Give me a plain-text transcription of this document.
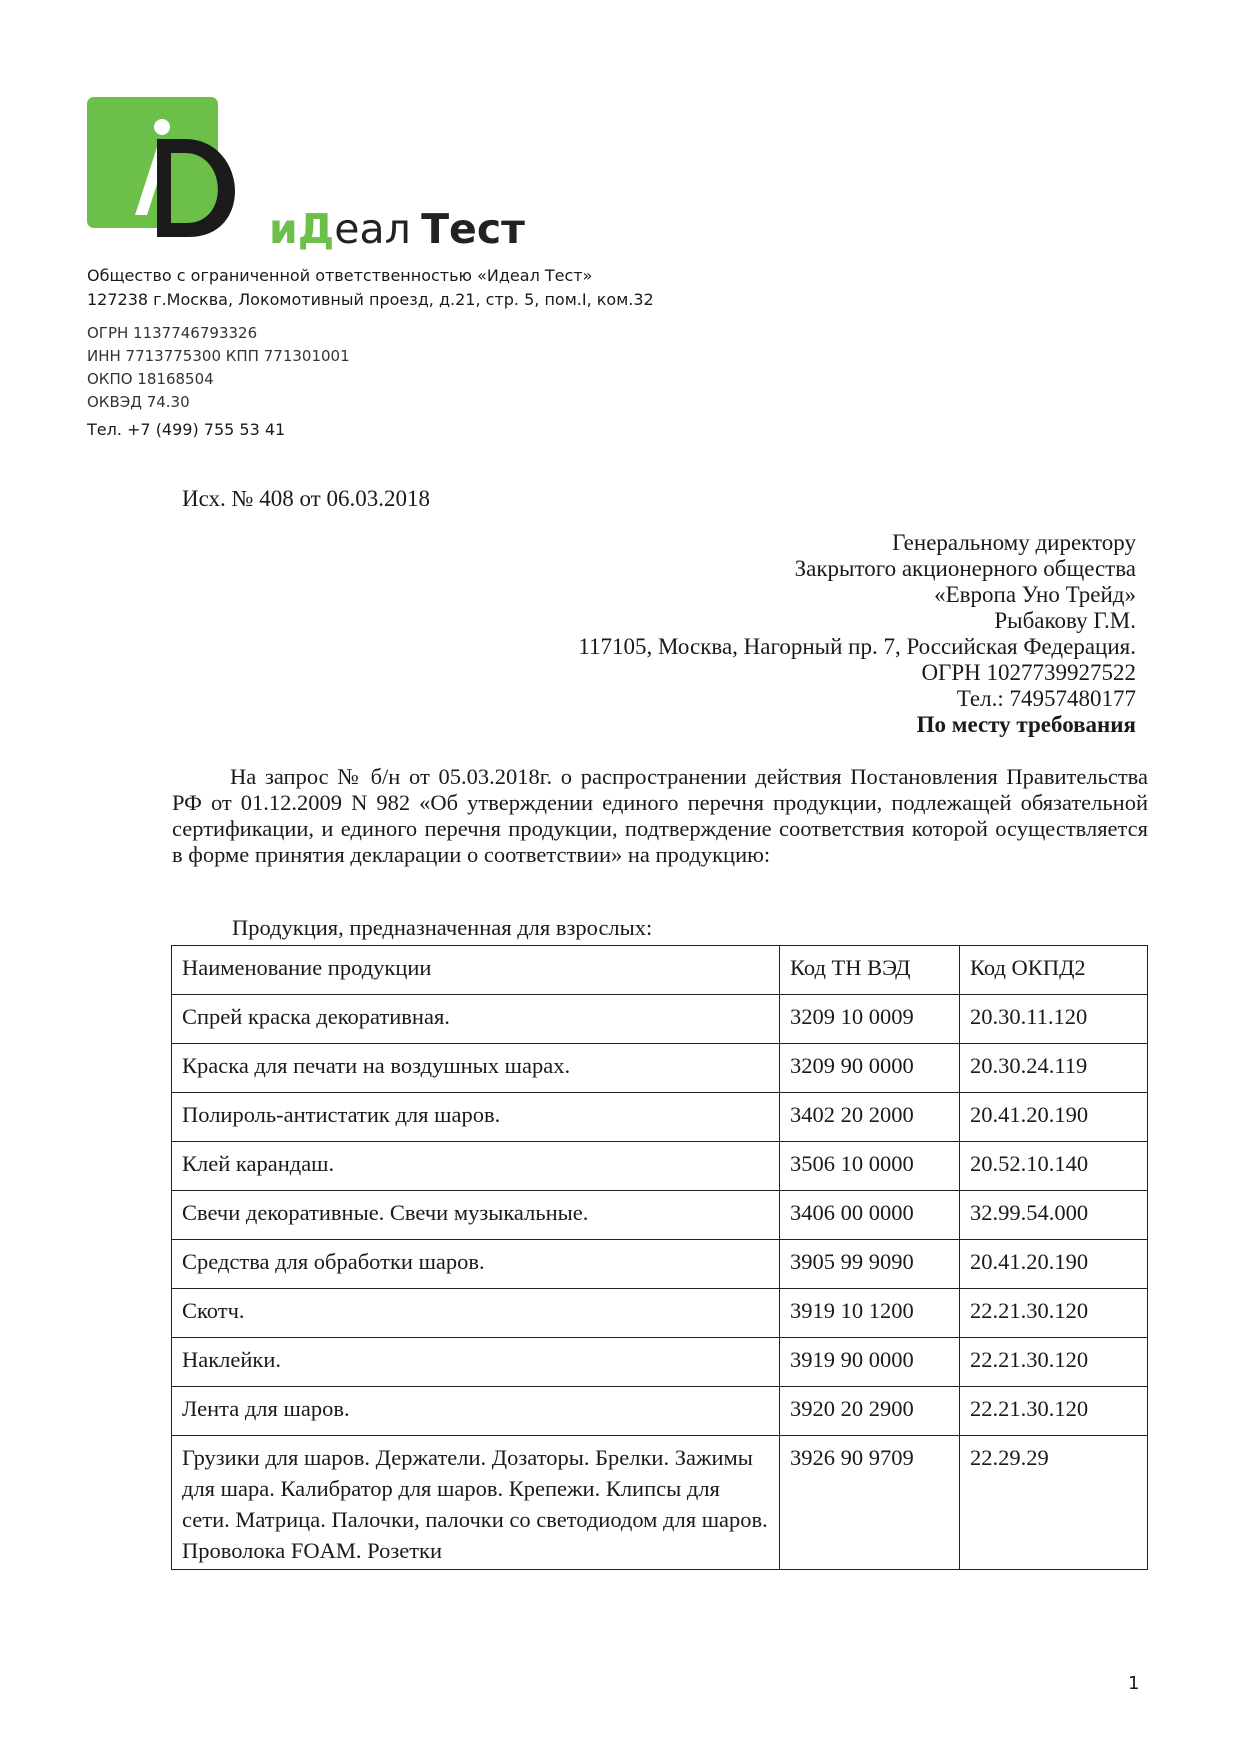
иДеал Тест
Общество с ограниченной ответственностью «Идеал Тест»
127238 г.Москва, Локомотивный проезд, д.21, стр. 5, пом.I, ком.32
ОГРН 1137746793326
ИНН 7713775300 КПП 771301001
ОКПО 18168504
ОКВЭД 74.30
Тел. +7 (499) 755 53 41
Исх. № 408 от 06.03.2018
Генеральному директору
Закрытого акционерного общества
«Европа Уно Трейд»
Рыбакову Г.М.
117105, Москва, Нагорный пр. 7, Российская Федерация.
ОГРН 1027739927522
Тел.: 74957480177
По месту требования
На запрос № б/н от 05.03.2018г. о распространении действия Постановления Правительства РФ от 01.12.2009 N 982 «Об утверждении единого перечня продукции, подлежащей обязательной сертификации, и единого перечня продукции, подтверждение соответствия которой осуществляется в форме принятия декларации о соответствии» на продукцию:
Продукция, предназначенная для взрослых:
Наименование продукции	Код ТН ВЭД	Код ОКПД2
Спрей краска декоративная.	3209 10 0009	20.30.11.120
Краска для печати на воздушных шарах.	3209 90 0000	20.30.24.119
Полироль-антистатик для шаров.	3402 20 2000	20.41.20.190
Клей карандаш.	3506 10 0000	20.52.10.140
Свечи декоративные. Свечи музыкальные.	3406 00 0000	32.99.54.000
Средства для обработки шаров.	3905 99 9090	20.41.20.190
Скотч.	3919 10 1200	22.21.30.120
Наклейки.	3919 90 0000	22.21.30.120
Лента для шаров.	3920 20 2900	22.21.30.120
Грузики для шаров. Держатели. Дозаторы. Брелки. Зажимы для шара. Калибратор для шаров. Крепежи. Клипсы для сети. Матрица. Палочки, палочки со светодиодом для шаров. Проволока FOAM. Розетки	3926 90 9709	22.29.29
1
